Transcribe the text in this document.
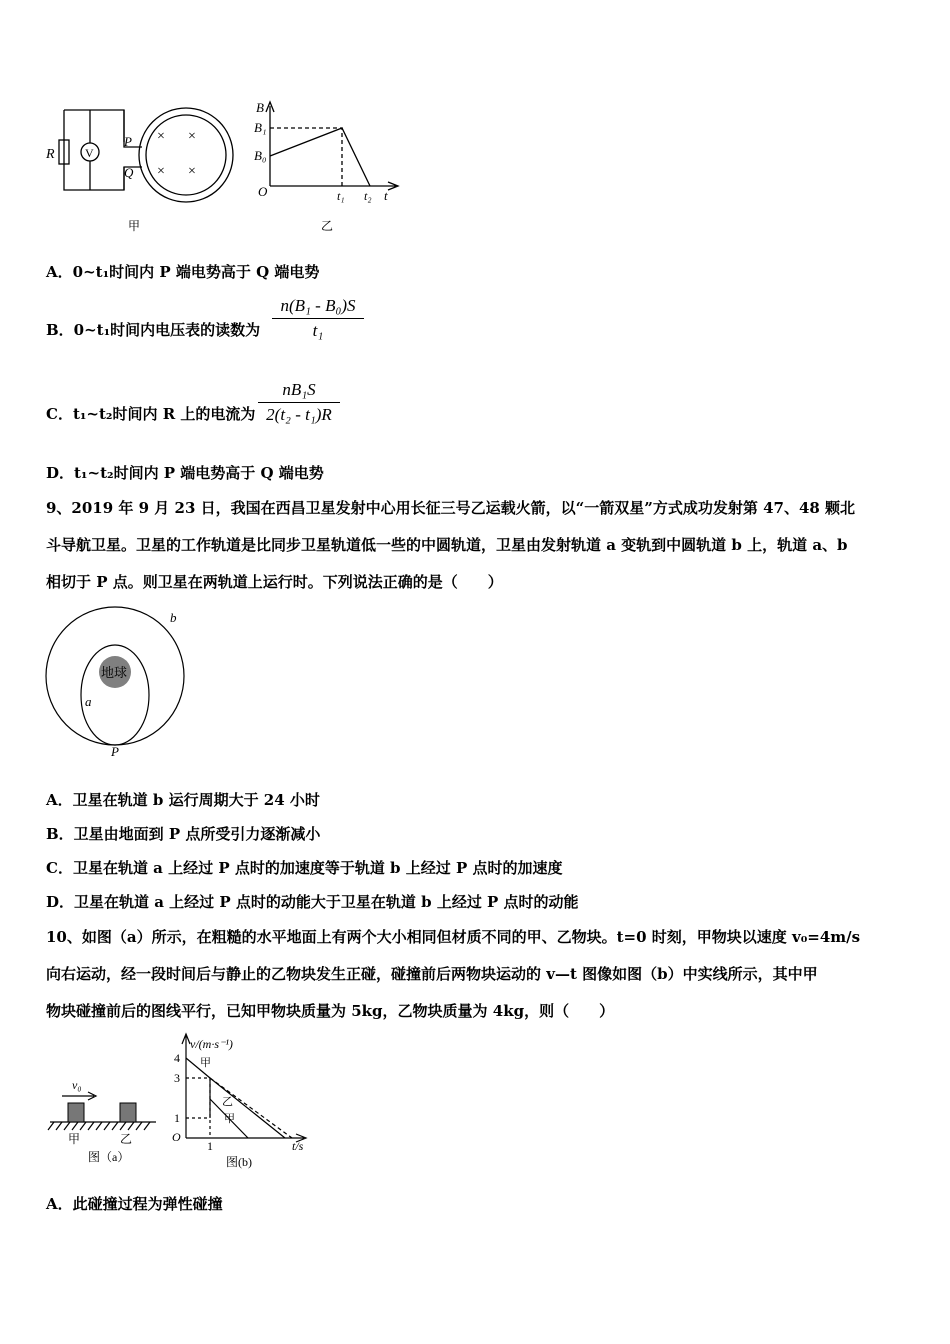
R	V
P
Q
× ×
× ×
甲
B
B₁
B₀
O	t₁ t₂ t
乙
A．0~t₁时间内 P 端电势高于 Q 端电势
B．0~t₁时间内电压表的读数为 $\frac{\text{n(B₁ - B₀)S}}{\text{t₁}}$
C．t₁~t₂时间内 R 上的电流为 $\frac{\text{nB₁S}}{\text{2(t₂ - t₁)R}}$
D．t₁~t₂时间内 P 端电势高于 Q 端电势
9、2019 年 9 月 23 日，我国在西昌卫星发射中心用长征三号乙运载火箭，以“一箭双星”方式成功发射第 47、48 颗北
斗导航卫星。卫星的工作轨道是比同步卫星轨道低一些的中圆轨道，卫星由发射轨道 a 变轨到中圆轨道 b 上，轨道 a、b
相切于 P 点。则卫星在两轨道上运行时。下列说法正确的是（　　）
b
a
地球
P
A．卫星在轨道 b 运行周期大于 24 小时
B．卫星由地面到 P 点所受引力逐渐减小
C．卫星在轨道 a 上经过 P 点时的加速度等于轨道 b 上经过 P 点时的加速度
D．卫星在轨道 a 上经过 P 点时的动能大于卫星在轨道 b 上经过 P 点时的动能
10、如图（a）所示，在粗糙的水平地面上有两个大小相同但材质不同的甲、乙物块。t=0 时刻，甲物块以速度 v₀=4m/s
向右运动，经一段时间后与静止的乙物块发生正碰，碰撞前后两物块运动的 v—t 图像如图（b）中实线所示，其中甲
物块碰撞前后的图线平行，已知甲物块质量为 5kg，乙物块质量为 4kg，则（　　）
v₀
甲	乙
图（a）
v/(m·s⁻¹)
4
3
1
O
1	t/s
甲
乙
甲
图(b)
A．此碰撞过程为弹性碰撞
